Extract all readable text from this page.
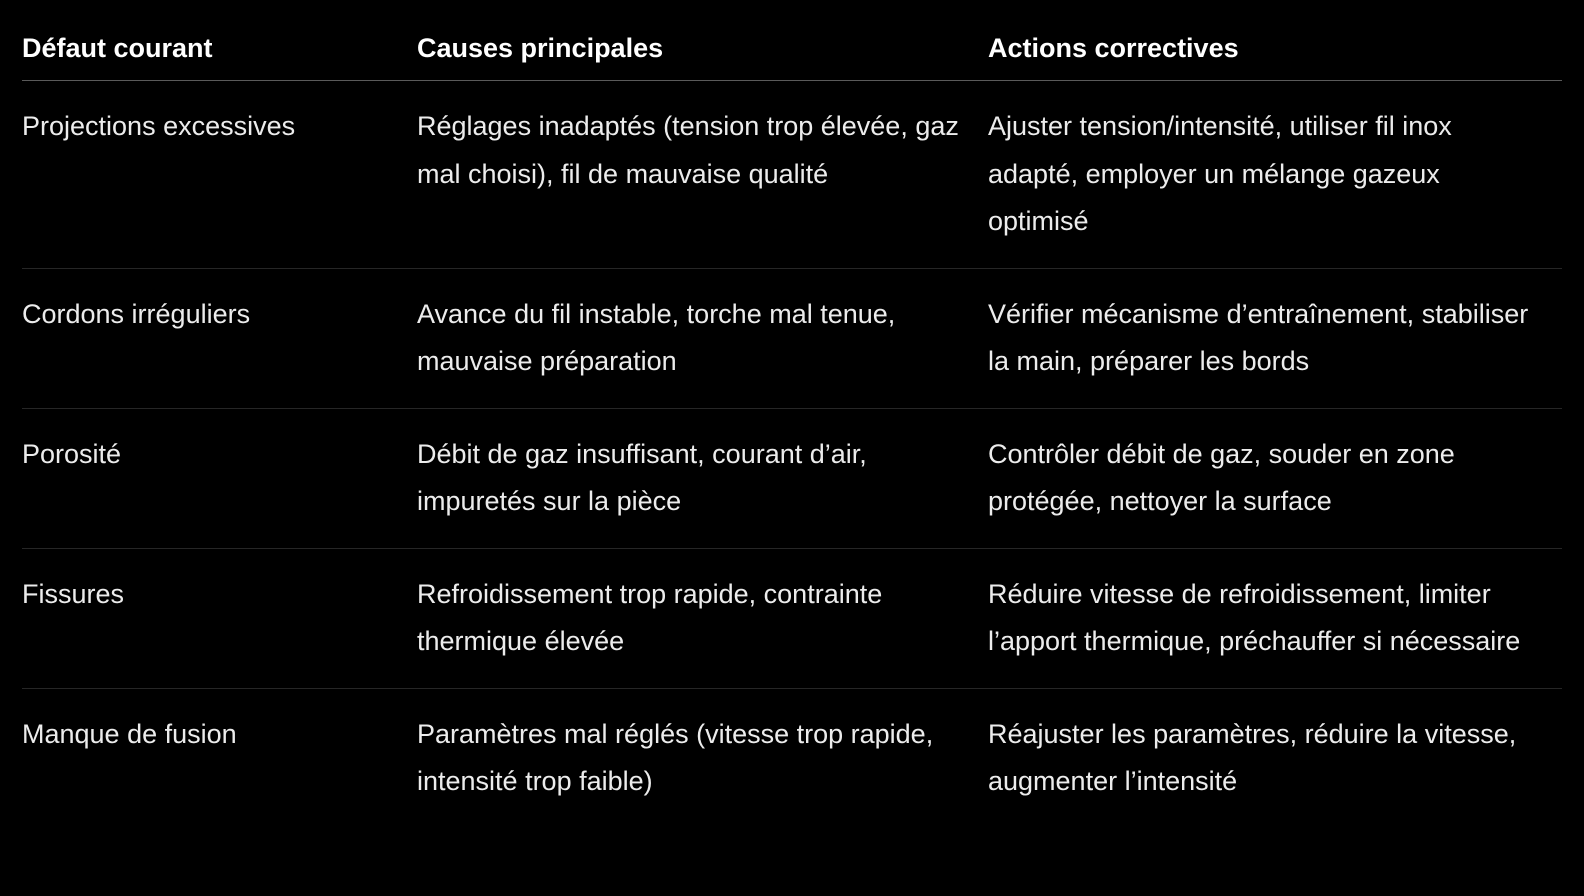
Défaut courant	Causes principales	Actions correctives
Projections excessives	Réglages inadaptés (tension trop élevée, gaz mal choisi), fil de mauvaise qualité	Ajuster tension/intensité, utiliser fil inox adapté, employer un mélange gazeux optimisé
Cordons irréguliers	Avance du fil instable, torche mal tenue, mauvaise préparation	Vérifier mécanisme d’entraînement, stabiliser la main, préparer les bords
Porosité	Débit de gaz insuffisant, courant d’air, impuretés sur la pièce	Contrôler débit de gaz, souder en zone protégée, nettoyer la surface
Fissures	Refroidissement trop rapide, contrainte thermique élevée	Réduire vitesse de refroidissement, limiter l’apport thermique, préchauffer si nécessaire
Manque de fusion	Paramètres mal réglés (vitesse trop rapide, intensité trop faible)	Réajuster les paramètres, réduire la vitesse, augmenter l’intensité
